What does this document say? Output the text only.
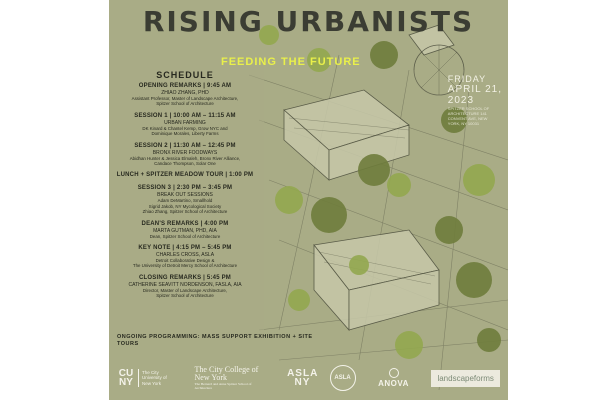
RISING URBANISTS
FEEDING THE FUTURE
FRIDAY
APRIL 21,
2023
SPITZER SCHOOL OF ARCHITECTURE 141 CONVENT AVE, NEW YORK, NY 10031
SCHEDULE
OPENING REMARKS | 9:45 AM
ZHIAO ZHANG, PHD
Assistant Professor, Master of Landscape Architecture,
Spitzer School of Architecture
SESSION 1 | 10:00 AM – 11:15 AM
URBAN FARMING
DK Kinard & Chantel Kemp, Grow NYC and
Dominique Morales, Liberty Farms
SESSION 2 | 11:30 AM – 12:45 PM
BRONX RIVER FOODWAYS
Abidhan Hunter & Jessica Elmaleh, Bronx River Alliance,
Candace Thompson, Solar One
LUNCH + SPITZER MEADOW TOUR | 1:00 PM
SESSION 3 | 2:30 PM – 3:45 PM
BREAK OUT SESSIONS
Adam DeMartino, Smallhold
Sigrid Jakob, NY Mycological Society
Zhiao Zhang, Spitzer School of Architecture
DEAN'S REMARKS | 4:00 PM
MARTA GUTMAN, PHD, AIA
Dean, Spitzer School of Architecture
KEY NOTE | 4:15 PM – 5:45 PM
CHARLES CROSS, ASLA
Detroit Collaborative Design &
The University of Detroit Mercy School of Architecture
CLOSING REMARKS | 5:45 PM
CATHERINE SEAVITT NORDENSON, FASLA, AIA
Director, Master of Landscape Architecture,
Spitzer School of Architecture
ONGOING PROGRAMMING: MASS SUPPORT EXHIBITION + SITE TOURS
CU NY
The City University of New York
The City College of New York
The Bernard and Anne Spitzer School of Architecture
ASLA NY	ASLA
ANOVA
landscapeforms
